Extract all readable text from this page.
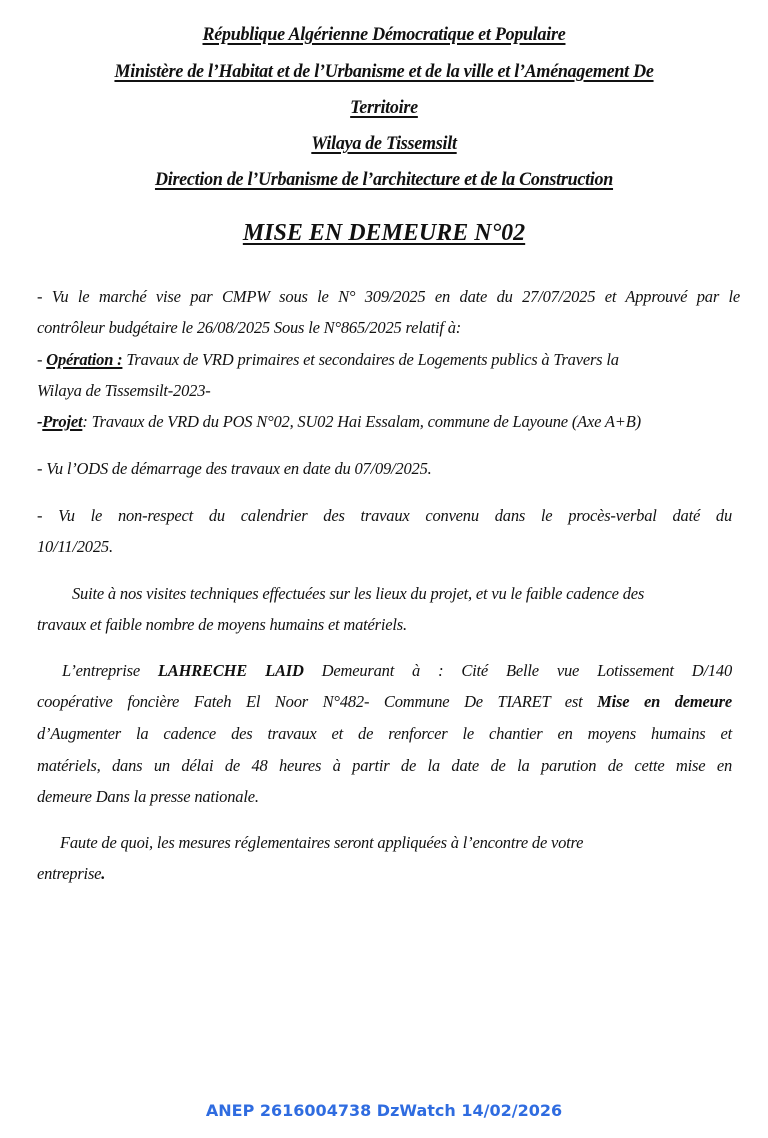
République Algérienne Démocratique et Populaire
Ministère de l’Habitat et de l’Urbanisme et de la ville et l’Aménagement De
Territoire
Wilaya de Tissemsilt
Direction de l’Urbanisme de l’architecture et de la Construction
MISE EN DEMEURE N°02
- Vu le marché vise par CMPW sous le N° 309/2025 en date du 27/07/2025 et Approuvé par le
contrôleur budgétaire le 26/08/2025 Sous le N°865/2025 relatif à:
- Opération : Travaux de VRD primaires et secondaires de Logements publics à Travers la
Wilaya de Tissemsilt-2023-
-Projet: Travaux de VRD du POS N°02, SU02 Hai Essalam, commune de Layoune (Axe A+B)
- Vu l’ODS de démarrage des travaux en date du 07/09/2025.
- Vu le non-respect du calendrier des travaux convenu dans le procès-verbal daté du
10/11/2025.
Suite à nos visites techniques effectuées sur les lieux du projet, et vu le faible cadence des
travaux et faible nombre de moyens humains et matériels.
L’entreprise LAHRECHE LAID Demeurant à : Cité Belle vue Lotissement D/140
coopérative foncière Fateh El Noor N°482- Commune De TIARET est Mise en demeure
d’Augmenter la cadence des travaux et de renforcer le chantier en moyens humains et
matériels, dans un délai de 48 heures à partir de la date de la parution de cette mise en
demeure Dans la presse nationale.
Faute de quoi, les mesures réglementaires seront appliquées à l’encontre de votre
entreprise.
ANEP 2616004738 DzWatch 14/02/2026
